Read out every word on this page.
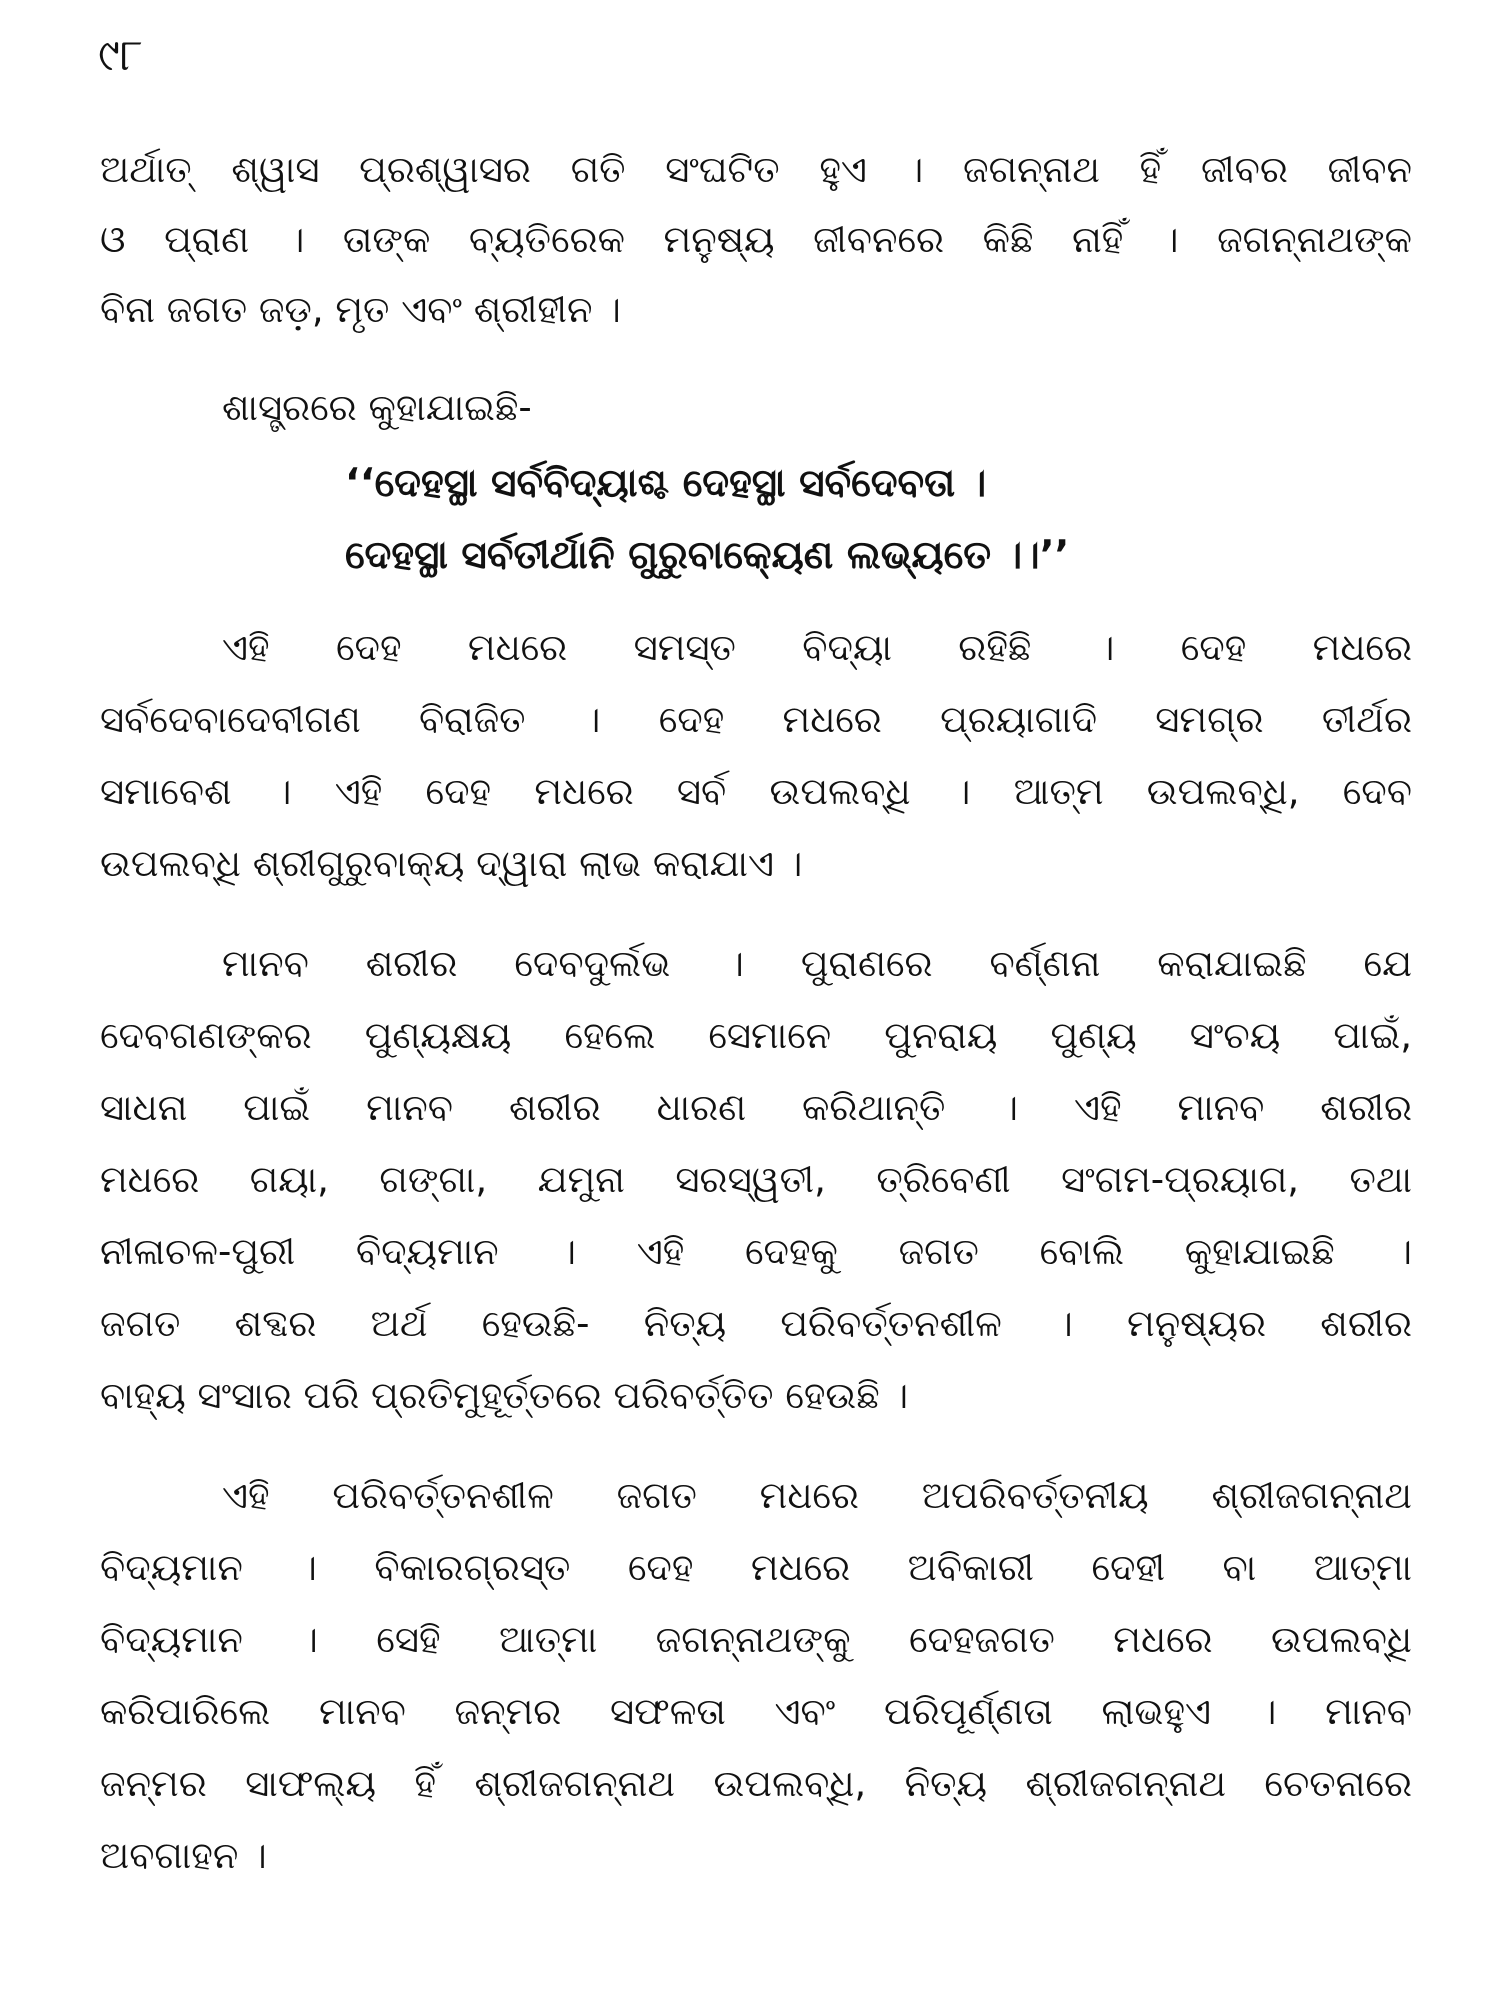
୯୮
ଅର୍ଥାତ୍ ଶ୍ୱାସ ପ୍ରଶ୍ୱାସର ଗତି ସଂଘଟିତ ହୁଏ । ଜଗନ୍ନାଥ ହିଁ ଜୀବର ଜୀବନ
ଓ ପ୍ରାଣ । ତାଙ୍କ ବ୍ୟତିରେକ ମନୁଷ୍ୟ ଜୀବନରେ କିଛି ନାହିଁ । ଜଗନ୍ନାଥଙ୍କ
ବିନା ଜଗତ ଜଡ଼, ମୃତ ଏବଂ ଶ୍ରୀହୀନ ।
ଶାସ୍ତ୍ରରେ କୁହାଯାଇଛି-
‘‘ଦେହସ୍ଥା ସର୍ବବିଦ୍ୟାଶ୍ଚ ଦେହସ୍ଥା ସର୍ବଦେବତା ।
ଦେହସ୍ଥା ସର୍ବତୀର୍ଥାନି ଗୁରୁବାକ୍ୟେଣ ଲଭ୍ୟତେ ।।’’
ଏହି ଦେହ ମଧରେ ସମସ୍ତ ବିଦ୍ୟା ରହିଛି । ଦେହ ମଧରେ
ସର୍ବଦେବାଦେବୀଗଣ ବିରାଜିତ । ଦେହ ମଧରେ ପ୍ରୟାଗାଦି ସମଗ୍ର ତୀର୍ଥର
ସମାବେଶ । ଏହି ଦେହ ମଧରେ ସର୍ବ ଉପଲବ୍ଧି । ଆତ୍ମ ଉପଲବ୍ଧି, ଦେବ
ଉପଲବ୍ଧି ଶ୍ରୀଗୁରୁବାକ୍ୟ ଦ୍ୱାରା ଲାଭ କରାଯାଏ ।
ମାନବ ଶରୀର ଦେବଦୁର୍ଲଭ । ପୁରାଣରେ ବର୍ଣ୍ଣନା କରାଯାଇଛି ଯେ
ଦେବଗଣଙ୍କର ପୁଣ୍ୟକ୍ଷୟ ହେଲେ ସେମାନେ ପୁନରାୟ ପୁଣ୍ୟ ସଂଚୟ ପାଇଁ,
ସାଧନା ପାଇଁ ମାନବ ଶରୀର ଧାରଣ କରିଥାନ୍ତି । ଏହି ମାନବ ଶରୀର
ମଧରେ ଗୟା, ଗଙ୍ଗା, ଯମୁନା ସରସ୍ୱତୀ, ତ୍ରିବେଣୀ ସଂଗମ-ପ୍ରୟାଗ, ତଥା
ନୀଳାଚଳ-ପୁରୀ ବିଦ୍ୟମାନ । ଏହି ଦେହକୁ ଜଗତ ବୋଲି କୁହାଯାଇଛି ।
ଜଗତ ଶବ୍ଦର ଅର୍ଥ ହେଉଛି- ନିତ୍ୟ ପରିବର୍ତ୍ତନଶୀଳ । ମନୁଷ୍ୟର ଶରୀର
ବାହ୍ୟ ସଂସାର ପରି ପ୍ରତିମୁହୂର୍ତ୍ତରେ ପରିବର୍ତ୍ତିତ ହେଉଛି ।
ଏହି ପରିବର୍ତ୍ତନଶୀଳ ଜଗତ ମଧରେ ଅପରିବର୍ତ୍ତନୀୟ ଶ୍ରୀଜଗନ୍ନାଥ
ବିଦ୍ୟମାନ । ବିକାରଗ୍ରସ୍ତ ଦେହ ମଧରେ ଅବିକାରୀ ଦେହୀ ବା ଆତ୍ମା
ବିଦ୍ୟମାନ । ସେହି ଆତ୍ମା ଜଗନ୍ନାଥଙ୍କୁ ଦେହଜଗତ ମଧରେ ଉପଲବ୍ଧି
କରିପାରିଲେ ମାନବ ଜନ୍ମର ସଫଳତା ଏବଂ ପରିପୂର୍ଣ୍ଣତା ଲାଭହୁଏ । ମାନବ
ଜନ୍ମର ସାଫଲ୍ୟ ହିଁ ଶ୍ରୀଜଗନ୍ନାଥ ଉପଲବ୍ଧି, ନିତ୍ୟ ଶ୍ରୀଜଗନ୍ନାଥ ଚେତନାରେ
ଅବଗାହନ ।
